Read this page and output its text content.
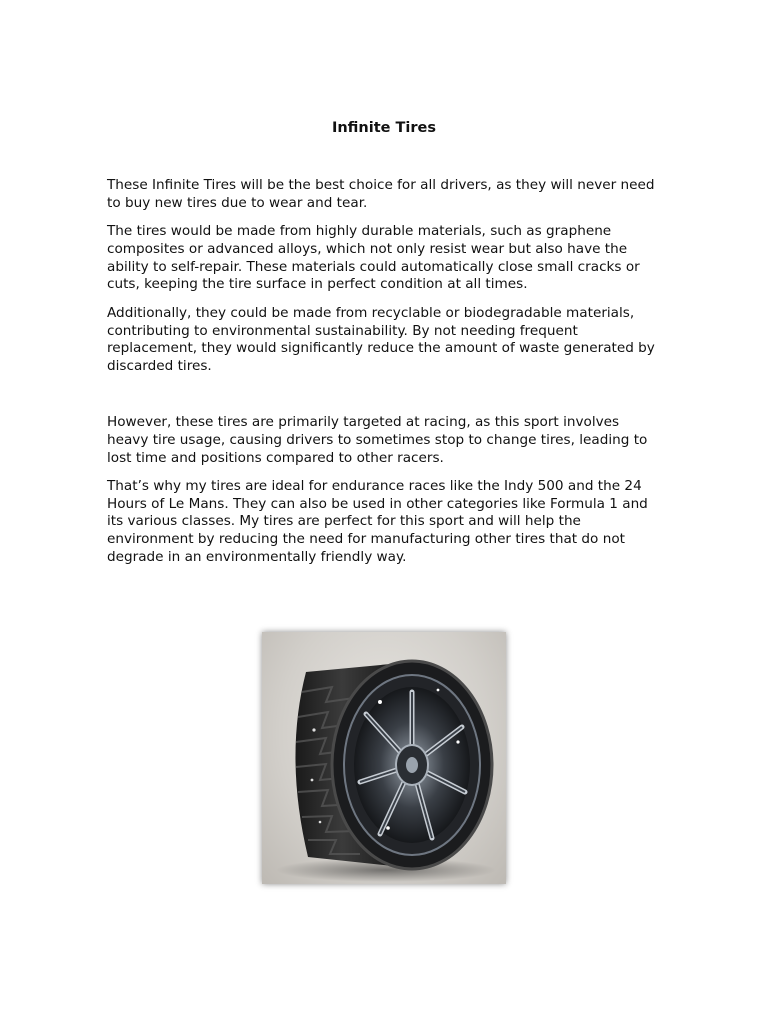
Infinite Tires

These Infinite Tires will be the best choice for all drivers, as they will never need to buy new tires due to wear and tear.

The tires would be made from highly durable materials, such as graphene composites or advanced alloys, which not only resist wear but also have the ability to self-repair. These materials could automatically close small cracks or cuts, keeping the tire surface in perfect condition at all times.

Additionally, they could be made from recyclable or biodegradable materials, contributing to environmental sustainability. By not needing frequent replacement, they would significantly reduce the amount of waste generated by discarded tires.

However, these tires are primarily targeted at racing, as this sport involves heavy tire usage, causing drivers to sometimes stop to change tires, leading to lost time and positions compared to other racers.

That’s why my tires are ideal for endurance races like the Indy 500 and the 24 Hours of Le Mans. They can also be used in other categories like Formula 1 and its various classes. My tires are perfect for this sport and will help the environment by reducing the need for manufacturing other tires that do not degrade in an environmentally friendly way.
